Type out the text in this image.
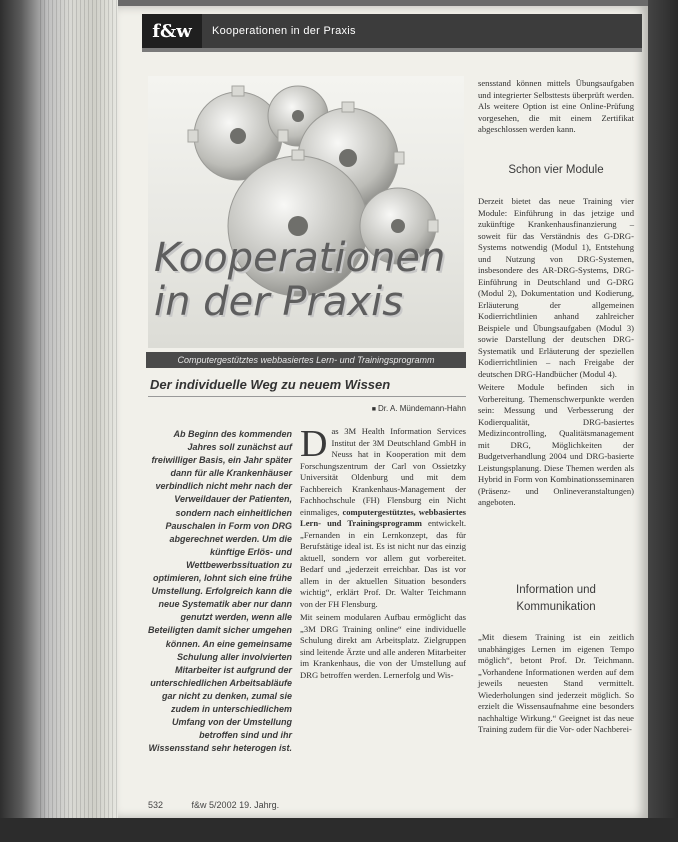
f&w	Kooperationen in der Praxis
Kooperationen
in der Praxis
Computergestütztes webbasiertes Lern- und Trainingsprogramm
Der individuelle Weg zu neuem Wissen
■ Dr. A. Mündemann-Hahn
Ab Beginn des kommenden Jahres soll zunächst auf freiwilliger Basis, ein Jahr später dann für alle Krankenhäuser verbindlich nicht mehr nach der Verweildauer der Patienten, sondern nach einheitlichen Pauschalen in Form von DRG abgerechnet werden. Um die künftige Erlös- und Wettbewerbssituation zu optimieren, lohnt sich eine frühe Umstellung. Erfolgreich kann die neue Systematik aber nur dann genutzt werden, wenn alle Beteiligten damit sicher umgehen können. An eine gemeinsame Schulung aller involvierten Mitarbeiter ist aufgrund der unterschiedlichen Arbeitsabläufe gar nicht zu denken, zumal sie zudem in unterschiedlichem Umfang von der Umstellung betroffen sind und ihr Wissensstand sehr heterogen ist.

D as 3M Health Information Services Institut der 3M Deutschland GmbH in Neuss hat in Kooperation mit dem Forschungszentrum der Carl von Ossietzky Universität Oldenburg und mit dem Fachbereich Krankenhaus-Management der Fachhochschule (FH) Flensburg ein Nicht einmaliges, computergestütztes, webbasiertes Lern- und Trainingsprogramm entwickelt. „Fernanden in ein Lernkonzept, das für Berufstätige ideal ist. Es ist nicht nur das einzig aktuell, sondern vor allem gut vorbereitet. Bedarf und „jederzeit erreichbar. Das ist vor allem in der aktuellen Situation besonders wichtig“, erklärt Prof. Dr. Walter Teichmann von der FH Flensburg.

Mit seinem modularen Aufbau ermöglicht das „3M DRG Training online“ eine individuelle Schulung direkt am Arbeitsplatz. Zielgruppen sind leitende Ärzte und alle anderen Mitarbeiter im Krankenhaus, die von der Umstellung auf DRG betroffen werden. Lernerfolg und Wis-

sensstand können mittels Übungsaufgaben und integrierter Selbsttests überprüft werden. Als weitere Option ist eine Online-Prüfung vorgesehen, die mit einem Zertifikat abgeschlossen werden kann.
Schon vier Module

Derzeit bietet das neue Training vier Module: Einführung in das jetzige und zukünftige Krankenhausfinanzierung – soweit für das Verständnis des G-DRG-Systems notwendig (Modul 1), Entstehung und Nutzung von DRG-Systemen, insbesondere des AR-DRG-Systems, DRG-Einführung in Deutschland und G-DRG (Modul 2), Dokumentation und Kodierung, Erläuterung der allgemeinen Kodierrichtlinien anhand zahlreicher Beispiele und Übungsaufgaben (Modul 3) sowie Darstellung der deutschen DRG-Systematik und Erläuterung der speziellen Kodierrichtlinien – nach Freigabe der deutschen DRG-Handbücher (Modul 4).

Weitere Module befinden sich in Vorbereitung. Themenschwerpunkte werden sein: Messung und Verbesserung der Kodierqualität, DRG-basiertes Medizincontrolling, Qualitätsmanagement mit DRG, Möglichkeiten der Budgetverhandlung 2004 und DRG-basierte Leistungsplanung. Diese Themen werden als Hybrid in Form von Kombinationsseminaren (Präsenz- und Onlineveranstaltungen) angeboten.

Information und
Kommunikation
„Mit diesem Training ist ein zeitlich unabhängiges Lernen im eigenen Tempo möglich“, betont Prof. Dr. Teichmann. „Vorhandene Informationen werden auf dem jeweils neuesten Stand vermittelt. Wiederholungen sind jederzeit möglich. So erzielt die Wissensaufnahme eine besonders nachhaltige Wirkung.“ Geeignet ist das neue Training zudem für die Vor- oder Nachberei-
532	f&w 5/2002 19. Jahrg.
